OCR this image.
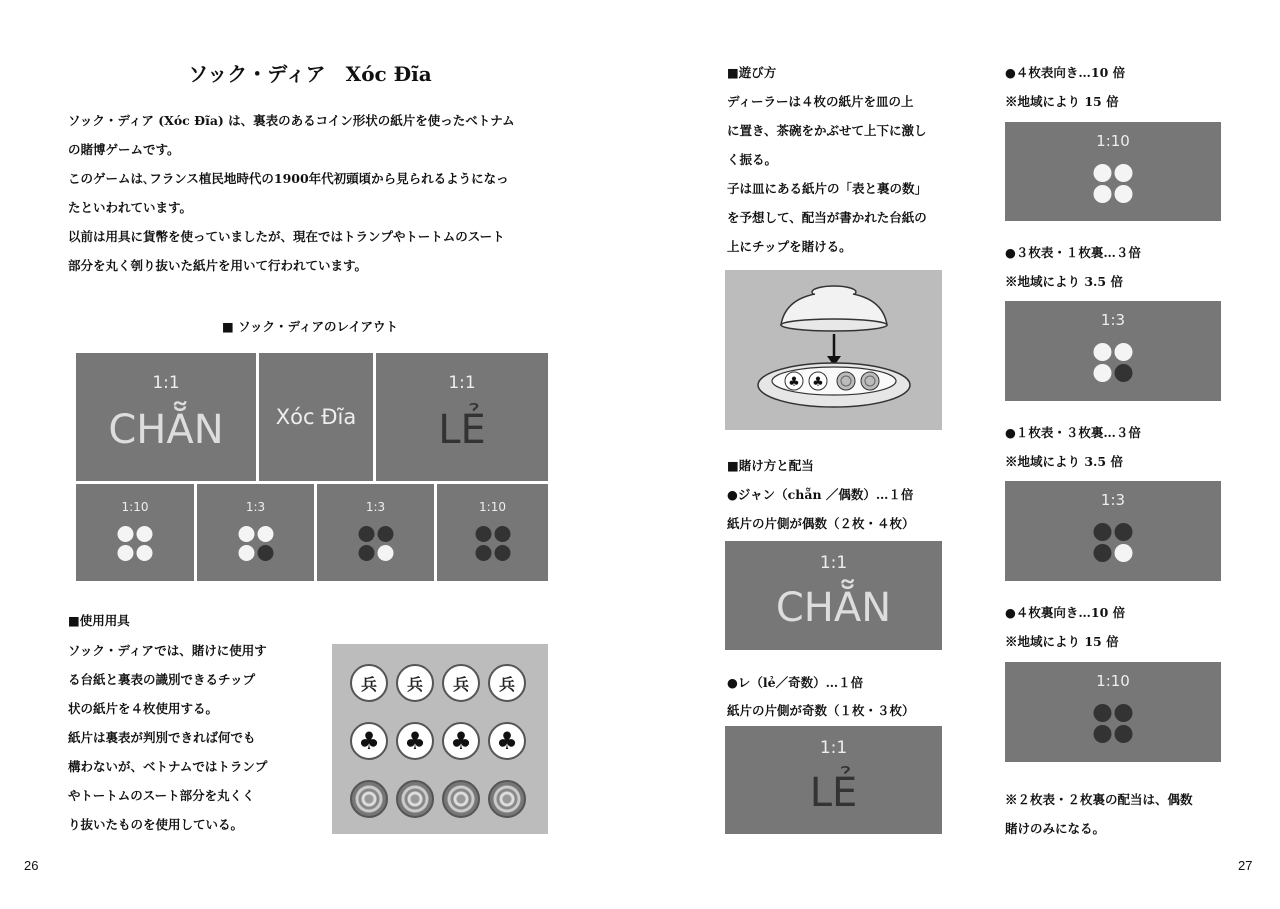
ソック・ディア　Xóc Đĩa
ソック・ディア (Xóc Đĩa) は、裏表のあるコイン形状の紙片を使ったベトナム
の賭博ゲームです。
このゲームは､フランス植民地時代の1900年代初頭頃から見られるようになっ
たといわれています。
以前は用具に貨幣を使っていましたが、現在ではトランプやトートムのスート
部分を丸く刳り抜いた紙片を用いて行われています。
■ ソック・ディアのレイアウト
1:1
CHẴN	Xóc Đĩa
1:1
LẺ
1:10	1:3	1:3	1:10
■使用用具
ソック・ディアでは、賭けに使用す
る台紙と裏表の識別できるチップ
状の紙片を４枚使用する。
紙片は裏表が判別できれば何でも
構わないが、ベトナムではトランプ
やトートムのスート部分を丸くく
り抜いたものを使用している。
兵	兵	兵	兵
♣	♣	♣	♣
26
■遊び方
ディーラーは４枚の紙片を皿の上
に置き、茶碗をかぶせて上下に激し
く振る。
子は皿にある紙片の「表と裏の数」
を予想して、配当が書かれた台紙の
上にチップを賭ける。
♣ ♣
■賭け方と配当
●ジャン（chẵn ／偶数）…１倍
紙片の片側が偶数（２枚・４枚）
1:1
CHẴN
●レ（lẻ／奇数）…１倍
紙片の片側が奇数（１枚・３枚）
1:1
LẺ
●４枚表向き…10 倍
※地域により 15 倍
1:10
●３枚表・１枚裏…３倍
※地域により 3.5 倍
1:3
●１枚表・３枚裏…３倍
※地域により 3.5 倍
1:3
●４枚裏向き…10 倍
※地域により 15 倍
1:10
※２枚表・２枚裏の配当は、偶数
賭けのみになる。
27
